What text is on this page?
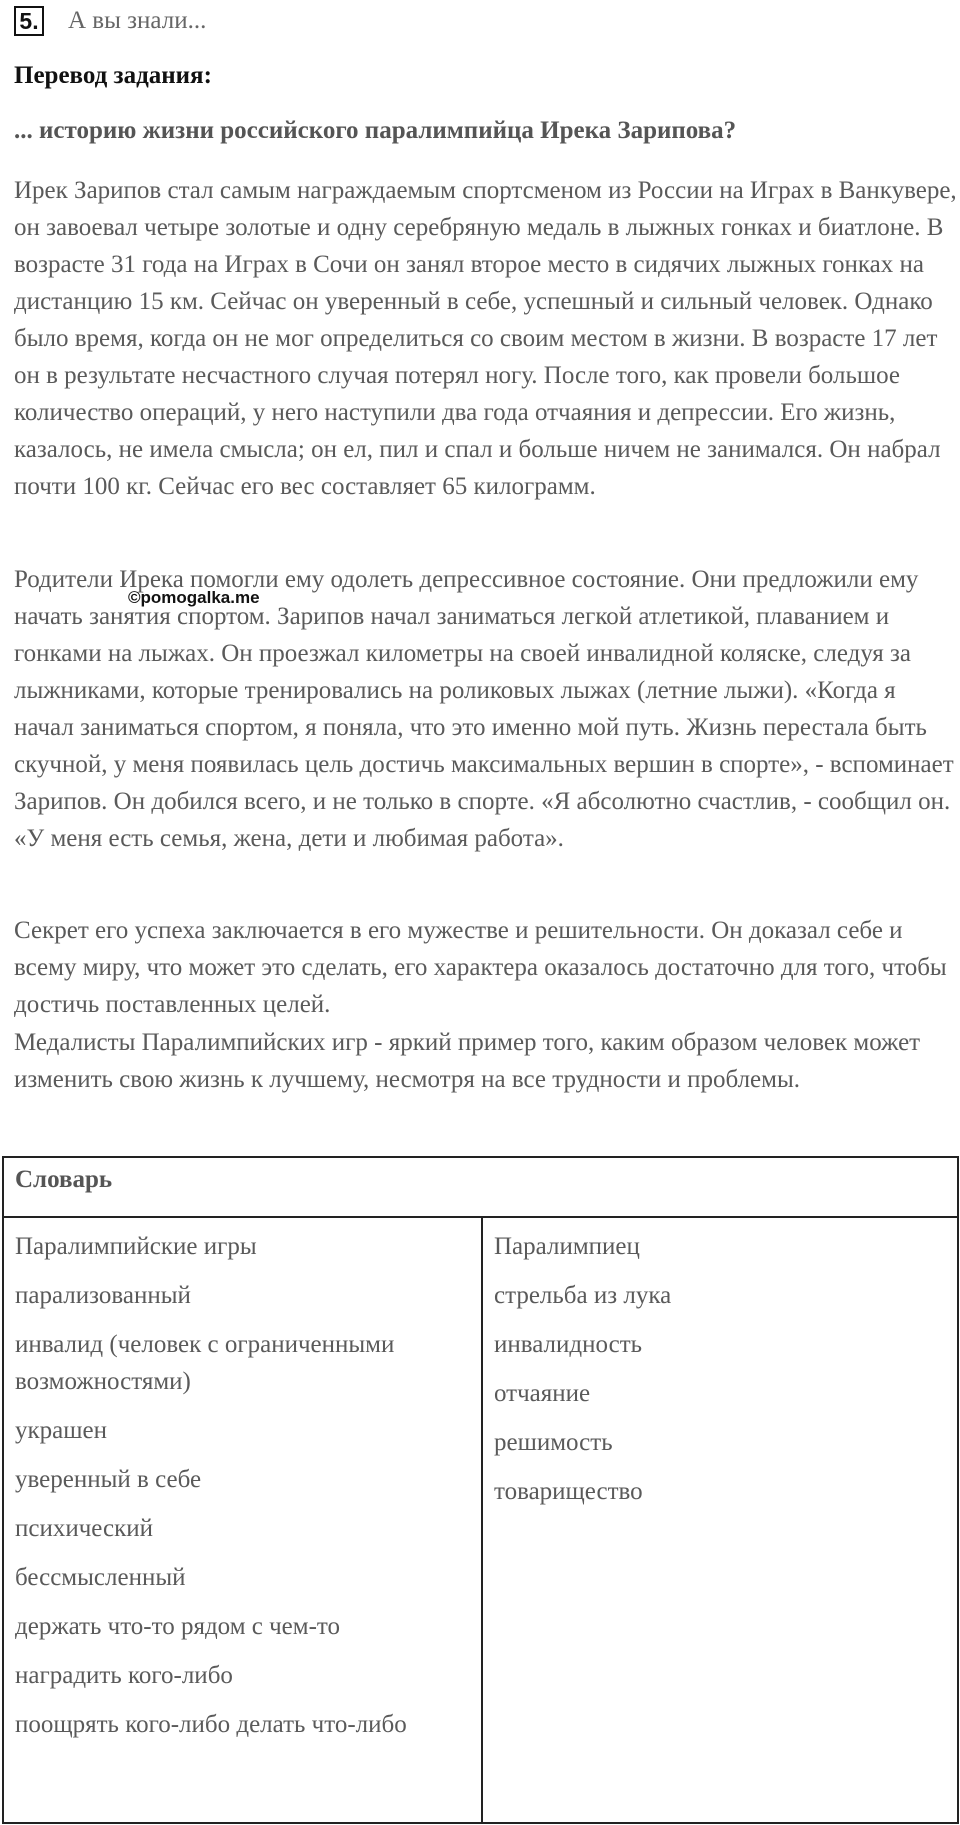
5. А вы знали...
Перевод задания:
... историю жизни российского паралимпийца Ирека Зарипова?

Ирек Зарипов стал самым награждаемым спортсменом из России на Играх в Ванкувере, он завоевал четыре золотые и одну серебряную медаль в лыжных гонках и биатлоне. В возрасте 31 года на Играх в Сочи он занял второе место в сидячих лыжных гонках на дистанцию 15 км. Сейчас он уверенный в себе, успешный и сильный человек. Однако было время, когда он не мог определиться со своим местом в жизни. В возрасте 17 лет он в результате несчастного случая потерял ногу. После того, как провели большое количество операций, у него наступили два года отчаяния и депрессии. Его жизнь, казалось, не имела смысла; он ел, пил и спал и больше ничем не занимался. Он набрал почти 100 кг. Сейчас его вес составляет 65 килограмм.

Родители Ирека помогли ему одолеть депрессивное состояние. Они предложили ему начать занятия спортом. Зарипов начал заниматься легкой атлетикой, плаванием и гонками на лыжах. Он проезжал километры на своей инвалидной коляске, следуя за лыжниками, которые тренировались на роликовых лыжах (летние лыжи). «Когда я начал заниматься спортом, я поняла, что это именно мой путь. Жизнь перестала быть скучной, у меня появилась цель достичь максимальных вершин в спорте», - вспоминает Зарипов. Он добился всего, и не только в спорте. «Я абсолютно счастлив, - сообщил он. «У меня есть семья, жена, дети и любимая работа».

©pomogalka.me

Секрет его успеха заключается в его мужестве и решительности. Он доказал себе и всему миру, что может это сделать, его характера оказалось достаточно для того, чтобы достичь поставленных целей.

Медалисты Паралимпийских игр - яркий пример того, каким образом человек может изменить свою жизнь к лучшему, несмотря на все трудности и проблемы.

Словарь
Паралимпийские игры
парализованный
инвалид (человек с ограниченными возможностями)
украшен
уверенный в себе
психический
бессмысленный
держать что-то рядом с чем-то
наградить кого-либо
поощрять кого-либо делать что-либо
Паралимпиец
стрельба из лука
инвалидность
отчаяние
решимость
товарищество
